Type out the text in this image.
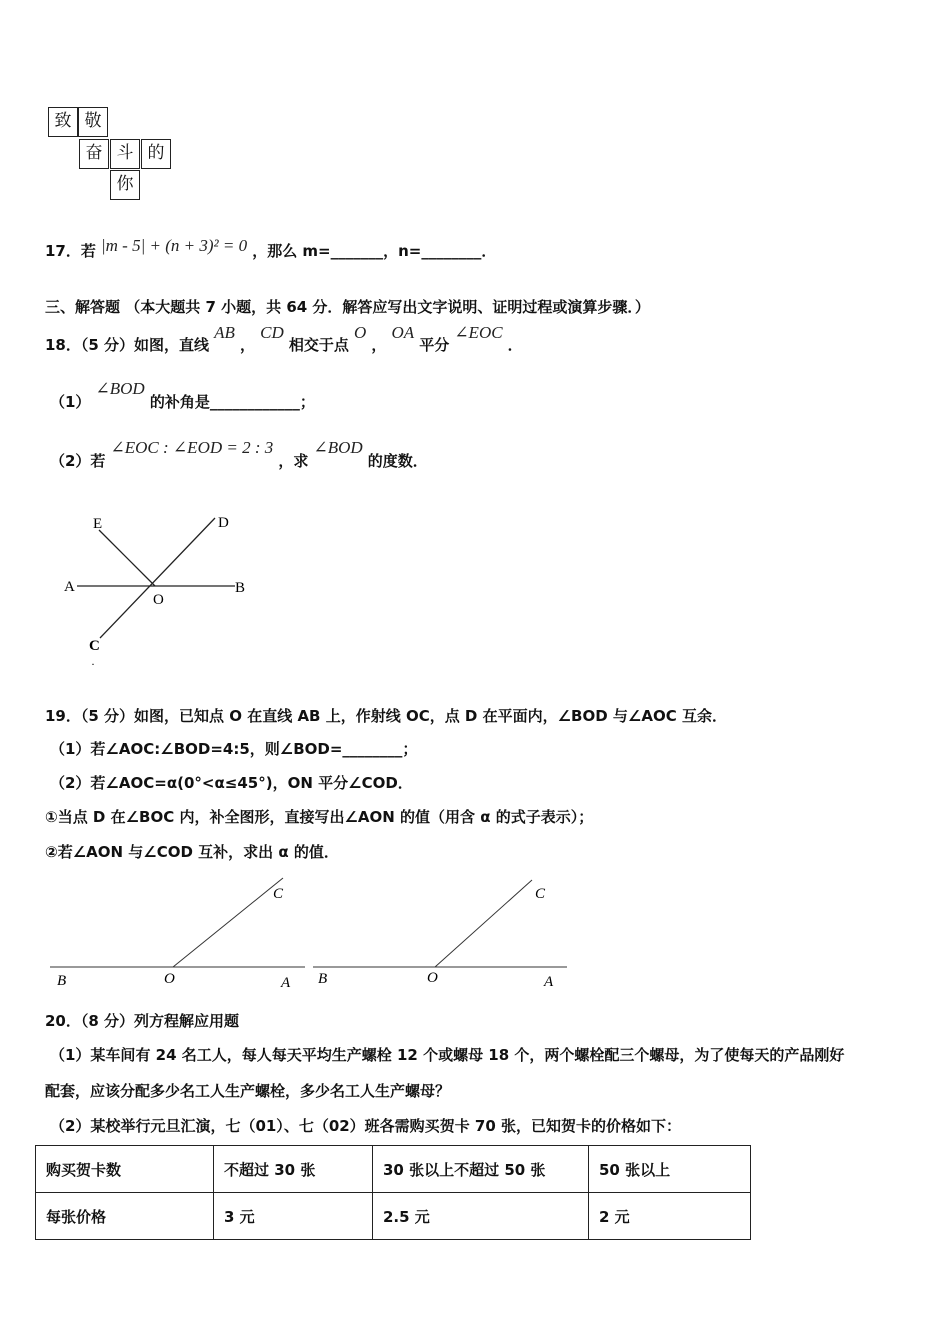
致 敬
奋 斗 的
你
17．若 |m - 5| + (n + 3)² = 0 ，那么 m=_______，n=________．
三、解答题 （本大题共 7 小题，共 64 分．解答应写出文字说明、证明过程或演算步骤．）
18．（5 分）如图，直线 AB ， CD 相交于点 O ， OA 平分 ∠EOC ．
（1） ∠BOD 的补角是____________；
（2）若 ∠EOC : ∠EOD = 2 : 3 ，求 ∠BOD 的度数．
E	D
A
O
B
C
·
19．（5 分）如图，已知点 O 在直线 AB 上，作射线 OC，点 D 在平面内，∠BOD 与∠AOC 互余．
（1）若∠AOC:∠BOD=4:5，则∠BOD=________；
（2）若∠AOC=α(0°<α≤45°)，ON 平分∠COD．
①当点 D 在∠BOC 内，补全图形，直接写出∠AON 的值（用含 α 的式子表示）；
②若∠AON 与∠COD 互补，求出 α 的值．
B	O	A
C
B	O	A
C
20．（8 分）列方程解应用题
（1）某车间有 24 名工人，每人每天平均生产螺栓 12 个或螺母 18 个，两个螺栓配三个螺母，为了使每天的产品刚好
配套，应该分配多少名工人生产螺栓，多少名工人生产螺母？
（2）某校举行元旦汇演，七（01）、七（02）班各需购买贺卡 70 张，已知贺卡的价格如下：
购买贺卡数	不超过 30 张	30 张以上不超过 50 张	50 张以上
每张价格	3 元	2.5 元	2 元
